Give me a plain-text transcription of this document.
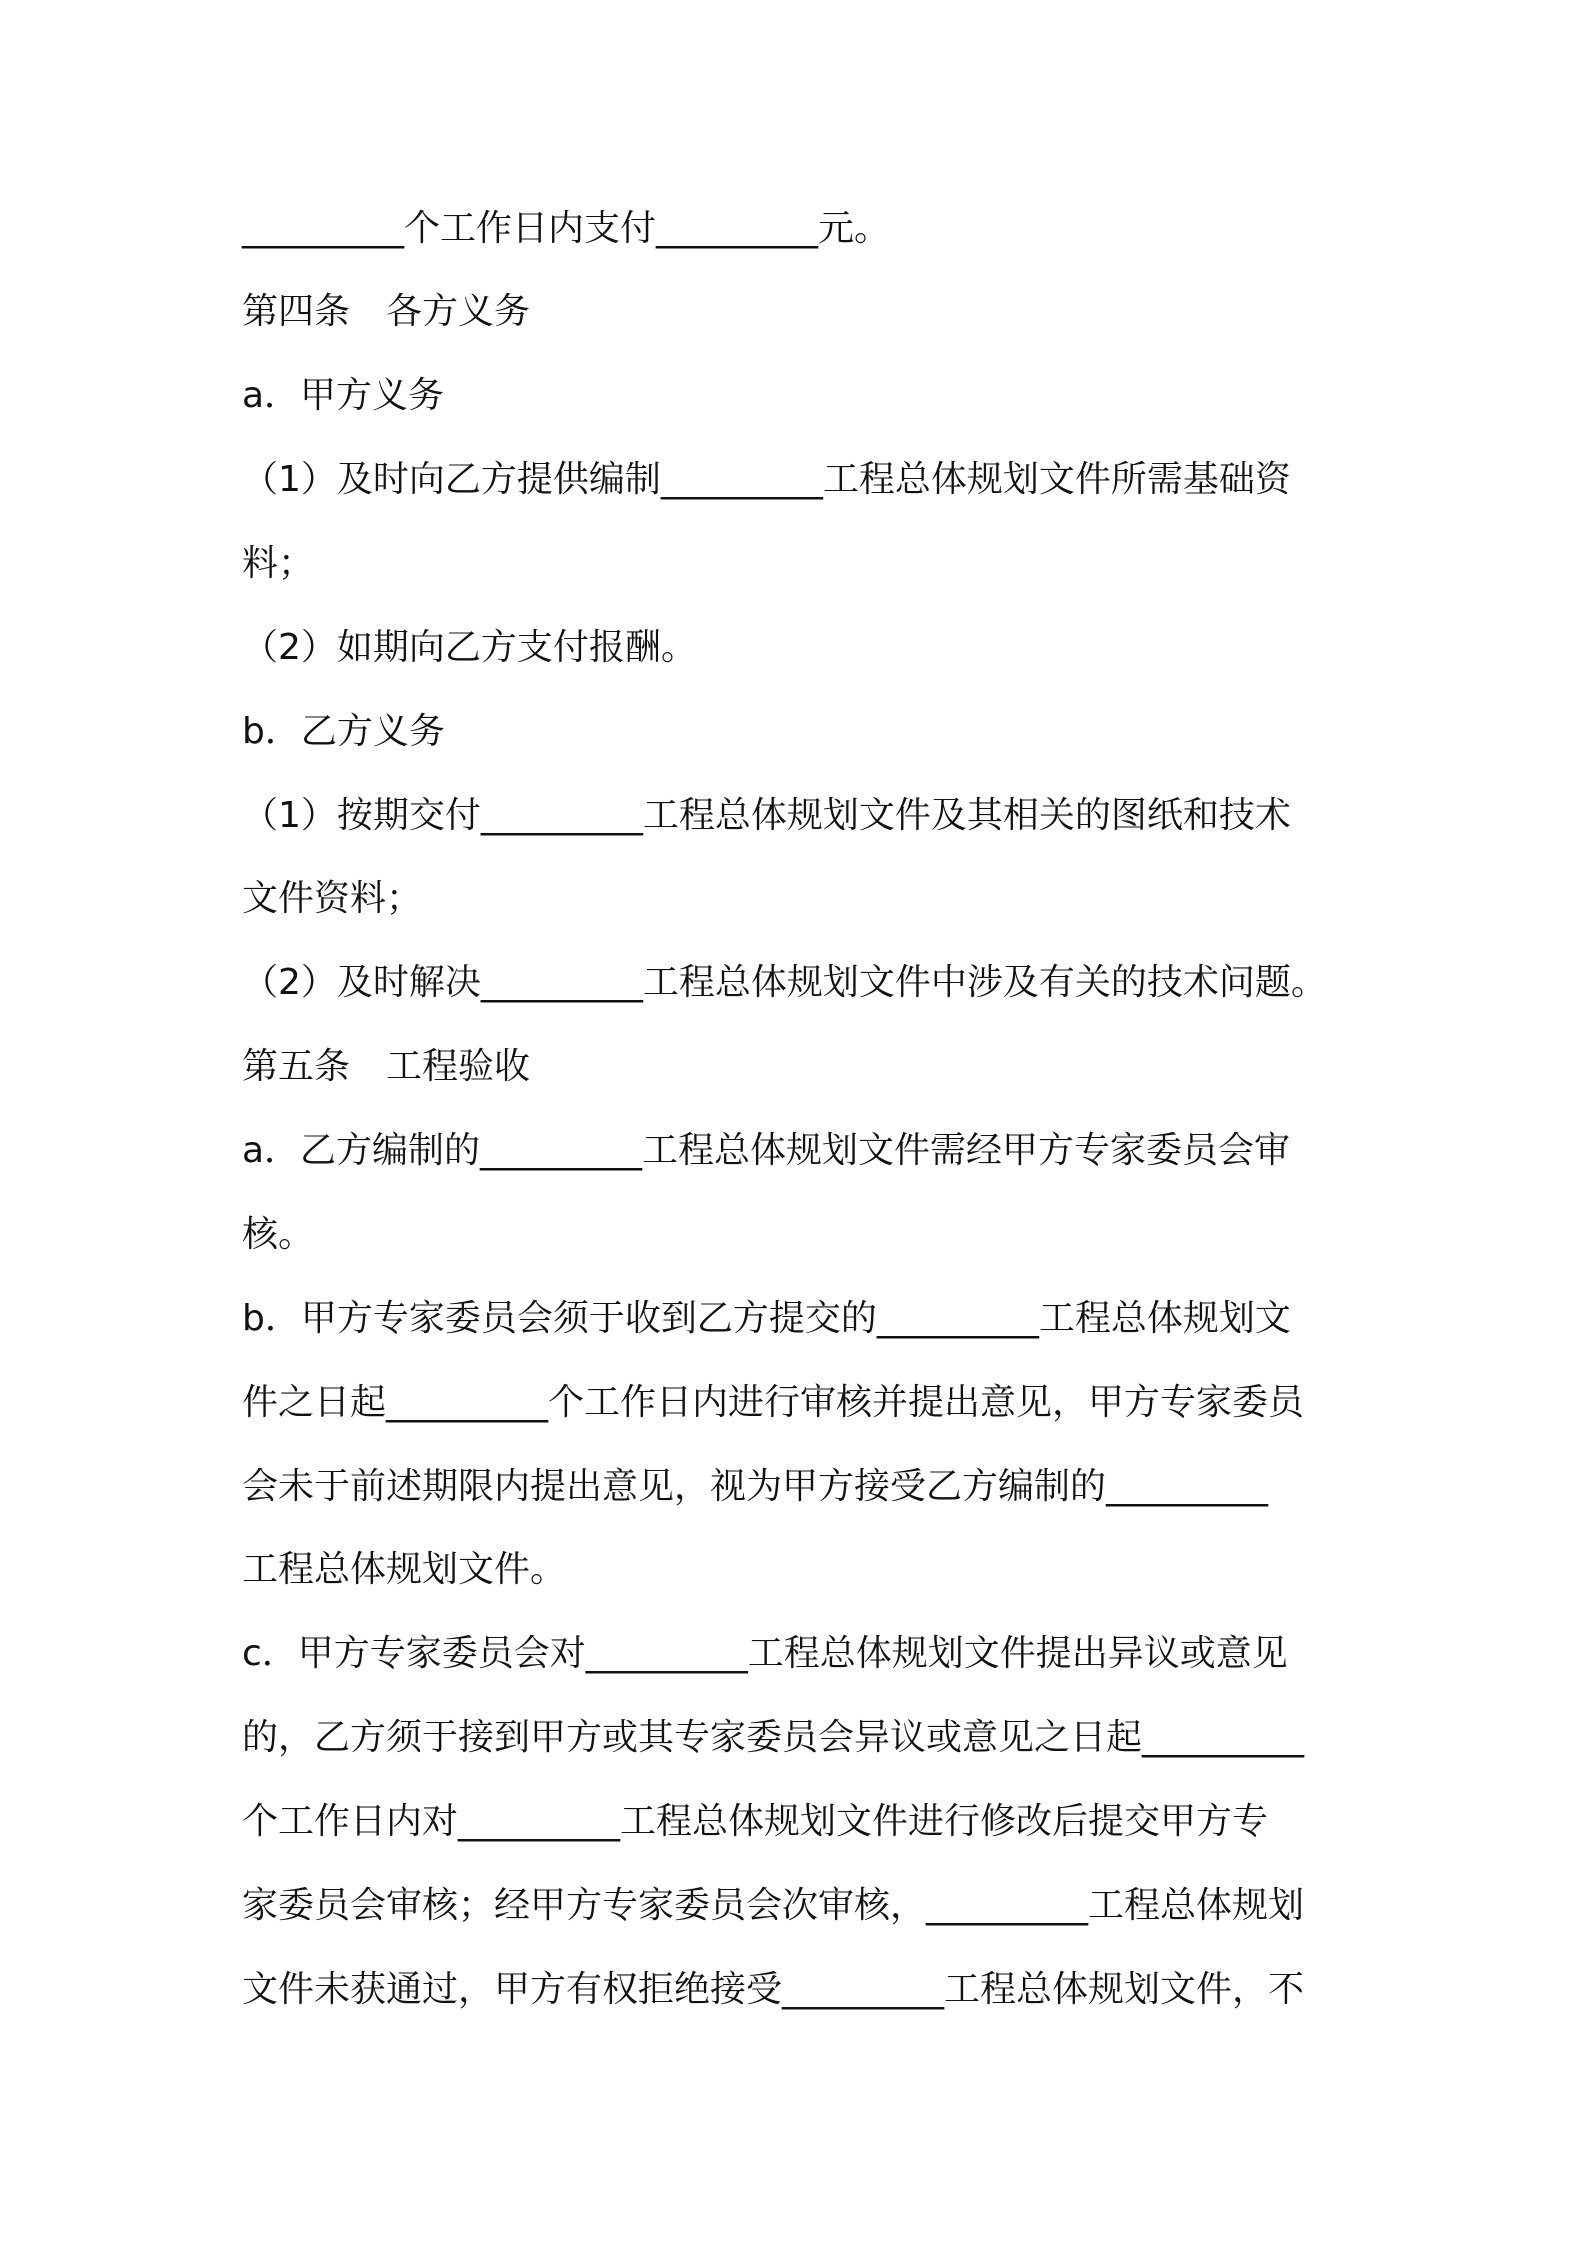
_________个工作日内支付_________元。
第四条　各方义务
a．甲方义务
（1）及时向乙方提供编制_________工程总体规划文件所需基础资
料；
（2）如期向乙方支付报酬。
b．乙方义务
（1）按期交付_________工程总体规划文件及其相关的图纸和技术
文件资料；
（2）及时解决_________工程总体规划文件中涉及有关的技术问题。
第五条　工程验收
a．乙方编制的_________工程总体规划文件需经甲方专家委员会审
核。
b．甲方专家委员会须于收到乙方提交的_________工程总体规划文
件之日起_________个工作日内进行审核并提出意见，甲方专家委员
会未于前述期限内提出意见，视为甲方接受乙方编制的_________
工程总体规划文件。
c．甲方专家委员会对_________工程总体规划文件提出异议或意见
的，乙方须于接到甲方或其专家委员会异议或意见之日起_________
个工作日内对_________工程总体规划文件进行修改后提交甲方专
家委员会审核；经甲方专家委员会次审核，_________工程总体规划
文件未获通过，甲方有权拒绝接受_________工程总体规划文件，不
